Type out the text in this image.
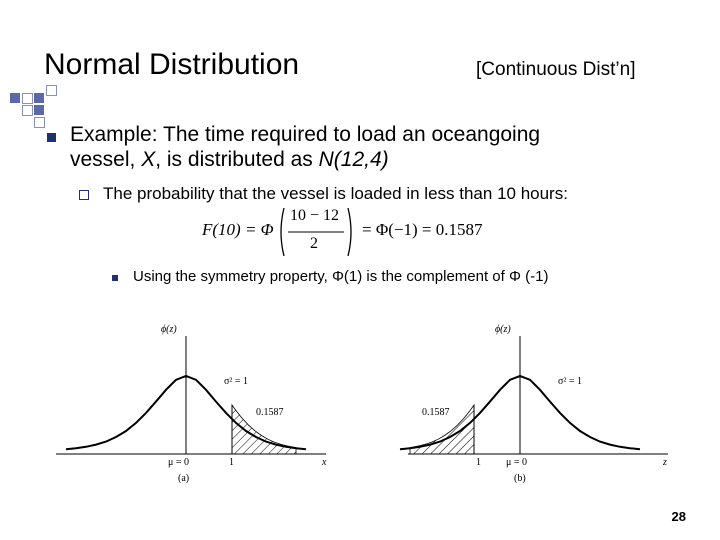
Normal Distribution	[Continuous Dist’n]
Example: The time required to load an oceangoing
vessel, X, is distributed as N(12,4)
The probability that the vessel is loaded in less than 10 hours:
F(10) = Φ
10 − 12
2
= Φ(−1) = 0.1587
Using the symmetry property, Φ(1) is the complement of Φ (-1)
ϕ(z)
σ² = 1
0.1587
μ = 0	1	x
(a)
ϕ(z)
σ² = 1
0.1587
1	μ = 0	z
(b)
28
